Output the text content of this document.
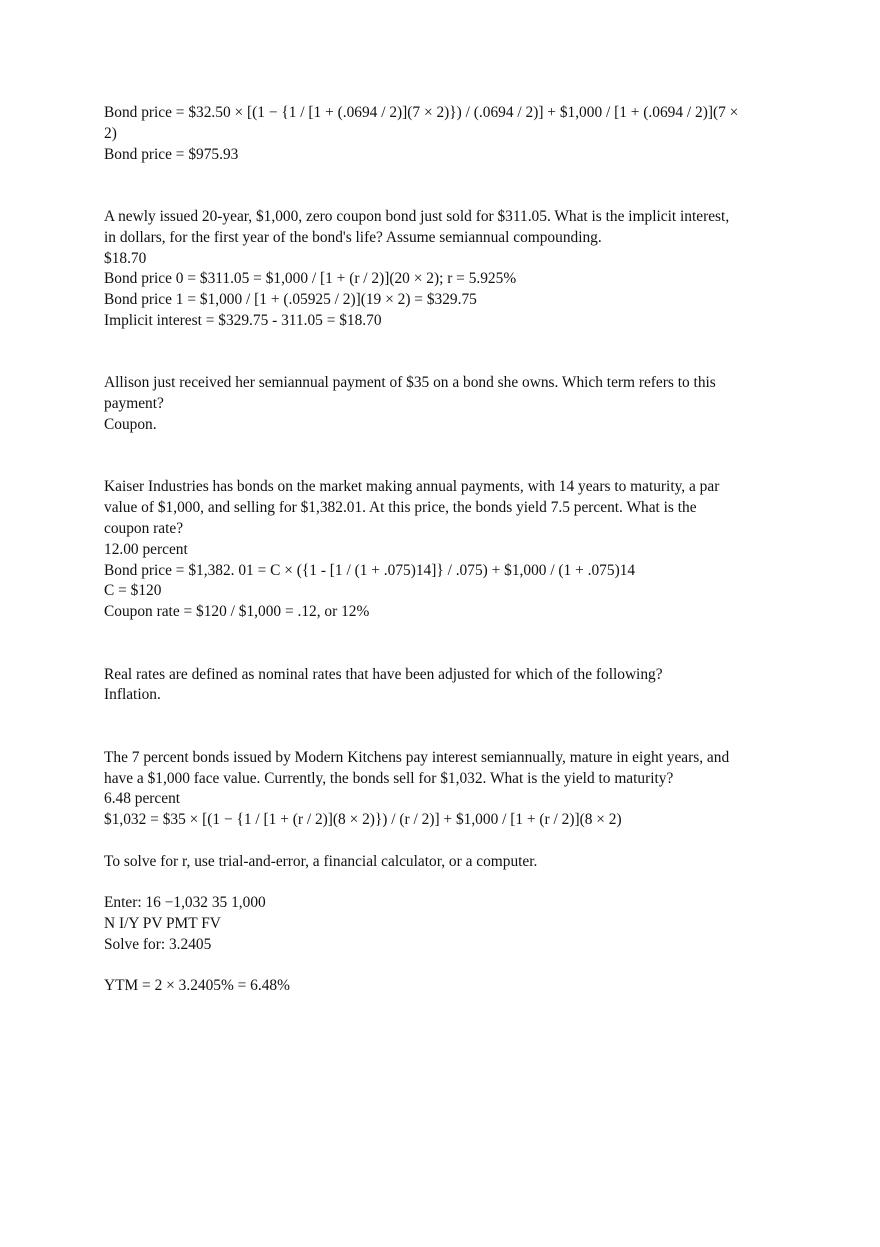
Bond price = $32.50 × [(1 − {1 / [1 + (.0694 / 2)](7 × 2)}) / (.0694 / 2)] + $1,000 / [1 + (.0694 / 2)](7 × 2)
Bond price = $975.93
A newly issued 20-year, $1,000, zero coupon bond just sold for $311.05. What is the implicit interest, in dollars, for the first year of the bond's life? Assume semiannual compounding.
$18.70
Bond price 0 = $311.05 = $1,000 / [1 + (r / 2)](20 × 2); r = 5.925%
Bond price 1 = $1,000 / [1 + (.05925 / 2)](19 × 2) = $329.75
Implicit interest = $329.75 - 311.05 = $18.70
Allison just received her semiannual payment of $35 on a bond she owns. Which term refers to this payment?
Coupon.
Kaiser Industries has bonds on the market making annual payments, with 14 years to maturity, a par value of $1,000, and selling for $1,382.01. At this price, the bonds yield 7.5 percent. What is the coupon rate?
12.00 percent
Bond price = $1,382. 01 = C × ({1 - [1 / (1 + .075)14]} / .075) + $1,000 / (1 + .075)14
C = $120
Coupon rate = $120 / $1,000 = .12, or 12%
Real rates are defined as nominal rates that have been adjusted for which of the following?
Inflation.
The 7 percent bonds issued by Modern Kitchens pay interest semiannually, mature in eight years, and have a $1,000 face value. Currently, the bonds sell for $1,032. What is the yield to maturity?
6.48 percent
$1,032 = $35 × [(1 − {1 / [1 + (r / 2)](8 × 2)}) / (r / 2)] + $1,000 / [1 + (r / 2)](8 × 2)
To solve for r, use trial-and-error, a financial calculator, or a computer.
Enter: 16 −1,032 35 1,000
N I/Y PV PMT FV
Solve for: 3.2405
YTM = 2 × 3.2405% = 6.48%
